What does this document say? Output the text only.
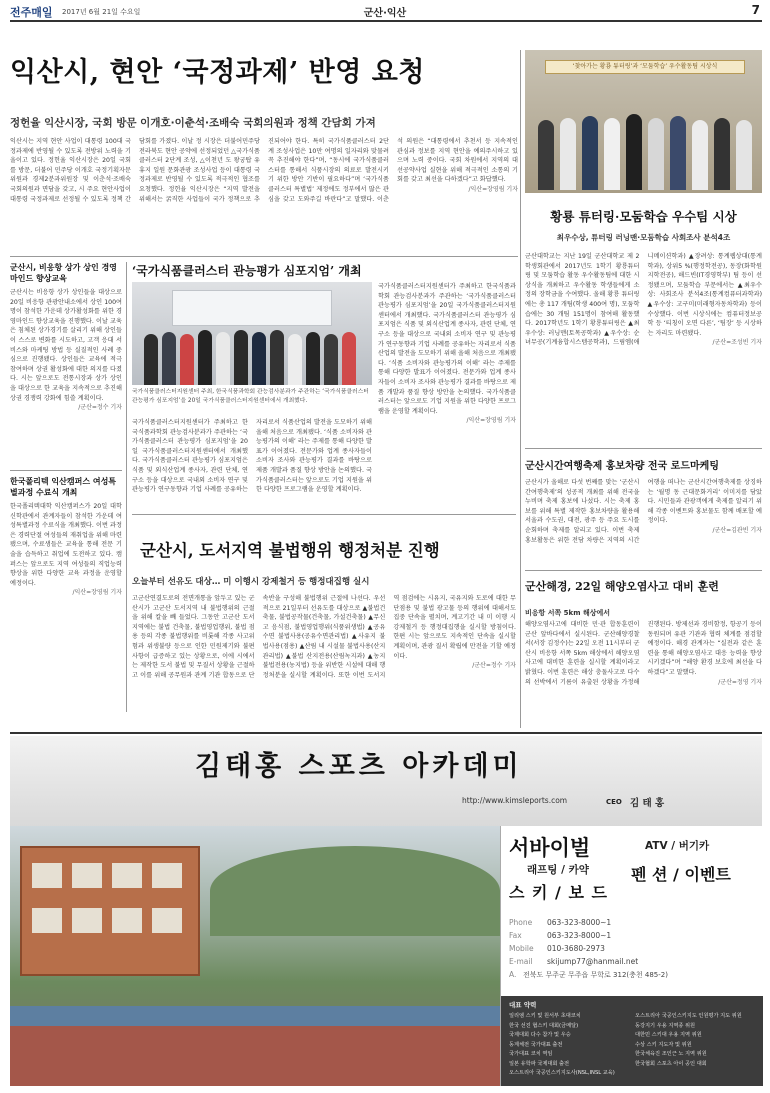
전주매일 2017년 6월 21일 수요일	군산·익산	7
익산시, 현안 ‘국정과제’ 반영 요청
정헌율 익산시장, 국회 방문 이개호·이춘석·조배숙 국회의원과 정책 간담회 가져
익산시는 지역 현안 사업이 대통령 100대 국정과제에 반영될 수 있도록 전방위 노력을 기울이고 있다. 정헌율 익산시장은 20일 국회를 방문, 더불어 민주당 이개호 국정기획자문위원과 경제2분과위원장 및 이춘석·조배숙 국회의원과 면담을 갖고, 시 주요 현안사업이 대통령 국정과제로 선정될 수 있도록 정책 간담회를 가졌다. 이날 정 시장은 더불어민주당 전라북도 현안 공약에 선정되었던 △국가식품클러스터 2단계 조성, △이천년 도 왕궁탑 유휴지 일원 문화관광 조성사업 등이 대통령 국정과제로 반영될 수 있도록 적극적인 협조를 요청했다. 정헌율 익산시장은 “지역 발전을 위해서는 굵직한 사업들이 국가 정책으로 추진되어야 한다. 특히 국가식품클러스터 2단계 조성사업은 10만 여명의 일자리와 맞물려 꼭 추진해야 한다”며, “동시에 국가식품클러스터를 통해서 식품시장의 의료로 발전시키기 위한 방안 기반이 필요하다”며 ‘국가식품클러스터 특별법’ 제정에도 정부에서 많은 관심을 갖고 도와주길 바란다”고 말했다. 이춘석 의원은 “대통령에서 추천서 등 지속적인 관심과 정보를 지역 현안을 예의주시하고 있으며 노력 중이다. 국회 차원에서 지역의 대선공약사업 실현을 위해 적극적인 소통의 기회를 갖고 최선을 다하겠다”고 화답했다.
/익산=장영림 기자
‘찾아가는 황룡 튜터링’과 ‘모둠학습’ 우수활동팀 시상식
황룡 튜터링·모둠학습 우수팀 시상
최우수상, 튜터링 러닝맨·모둠학습 사회조사 분석4조
군산대학교는 지난 19일 군산대학교 제 2 학생회관에서 2017년도 1학기 황룡튜터링 및 모둠학습 활동 우수활동팀에 대한 시상식을 개최하고 우수활동 학생들에게 소정의 장학금을 수여했다. 올해 황룡 튜터링에는 총 117 개팀(학생 400여 명), 모둠학습에는 30 개팀 151명이 참여해 활동했다. 2017학년도 1학기 황룡튜터링은 ▲최우수상: 러닝맨(토목공학과) ▲우수상: 순녀무공(기계융합시스템공학과), 드림엠(애니메이션학과) ▲장려상: 통계웹상대(통계학과), 상위5 %(행정학전공), 동장(화학원지학전공), 해드빈(IT경영학부) 팀 등이 선정됐으며, 모둠학습 부문에서는 ▲최우수상: 사회조사 분석4조(통계컴퓨터과학과) ▲우수상: 고구미(미래형자동차학과) 등이 수상했다. 이번 시상식에는 컴퓨터정보공학 등 ‘티칭이 오면 다른’, ‘팀장’ 등 시상하는 자리도 마련됐다.
/군산=조성빈 기자
군산시, 비응항 상가 상인 경영마인드 향상교육
군산시는 비응항 상가 상인들을 대상으로 20일 비응항 관광안내소에서 상인 100여명이 참석한 가운데 상가활성화를 위한 경영마인드 향상교육을 진행했다. 이날 교육은 침체된 상가경기를 살리기 위해 상인들이 스스로 변화를 시도하고, 고객 응대 서비스와 마케팅 방법 등 실질적인 사례 중심으로 진행됐다. 상인들은 교육에 적극 참여하며 상권 활성화에 대한 의지를 다졌다. 시는 앞으로도 전통시장과 상가 상인을 대상으로 한 교육을 지속적으로 추진해 상권 경쟁력 강화에 힘쓸 계획이다.
/군산=정수 기자
한국폴리텍 익산캠퍼스 여성특별과정 수료식 개최
한국폴리텍대학 익산캠퍼스가 20일 대학 신학관에서 관계자들이 참석한 가운데 여성특별과정 수료식을 개최했다. 이번 과정은 경력단절 여성들의 재취업을 위해 마련됐으며, 수료생들은 교육을 통해 전문 기술을 습득하고 취업에 도전하고 있다. 캠퍼스는 앞으로도 지역 여성들의 직업능력 향상을 위한 다양한 교육 과정을 운영할 예정이다.
/익산=장영림 기자
‘국가식품클러스터 관능평가 심포지엄’ 개최
국가식품클러스터지원센터 주최, 한국식품과학회 관능검사분과가 주관하는 ‘국가식품클러스터 관능평가 심포지엄’을 20일 국가식품클러스터지원센터에서 개최했다.
국가식품클러스터지원센터가 주최하고 한국식품과학회 관능검사분과가 주관하는 ‘국가식품클러스터 관능평가 심포지엄’을 20일 국가식품클러스터지원센터에서 개최했다. 국가식품클러스터 관능평가 심포지엄은 식품 및 외식산업계 종사자, 관련 단체, 연구소 등을 대상으로 국내외 소비자 연구 및 관능평가 연구동향과 기업 사례를 공유하는 자리로서 식품산업의 발전을 도모하기 위해 올해 처음으로 개최됐다. ‘식품 소비자와 관능평가의 이해’ 라는 주제를 통해 다양한 발표가 이어졌다. 전문가와 업계 종사자들이 소비자 조사와 관능평가 결과를 바탕으로 제품 개발과 품질 향상 방안을 논의했다. 국가식품클러스터는 앞으로도 기업 지원을 위한 다양한 프로그램을 운영할 계획이다.
국가식품클러스터지원센터가 주최하고 한국식품과학회 관능검사분과가 주관하는 ‘국가식품클러스터 관능평가 심포지엄’을 20일 국가식품클러스터지원센터에서 개최했다. 국가식품클러스터 관능평가 심포지엄은 식품 및 외식산업계 종사자, 관련 단체, 연구소 등을 대상으로 국내외 소비자 연구 및 관능평가 연구동향과 기업 사례를 공유하는 자리로서 식품산업의 발전을 도모하기 위해 올해 처음으로 개최됐다. ‘식품 소비자와 관능평가의 이해’ 라는 주제를 통해 다양한 발표가 이어졌다. 전문가와 업계 종사자들이 소비자 조사와 관능평가 결과를 바탕으로 제품 개발과 품질 향상 방안을 논의했다. 국가식품클러스터는 앞으로도 기업 지원을 위한 다양한 프로그램을 운영할 계획이다.
/익산=장영림 기자
군산시, 도서지역 불법행위 행정처분 진행
오늘부터 선유도 대상… 미 이행시 강제철거 등 행정대집행 실시
고군산연결도로의 전면개통을 앞두고 있는 군산시가 고군산 도서지역 내 불법행위의 근절을 위해 칼을 빼 들었다. 그동안 고군산 도서지역에는 불법 건축물, 불법영업행위, 불법 점용 등의 각종 불법행위를 비롯해 각종 사고위험과 위생불량 등으로 인한 민원제기와 불편사항이 급증하고 있는 상황으로, 이에 시에서는 제작한 도서 불법 및 무질서 상황을 근절하고 이를 위해 공무원과 관계 기관 합동으로 단속반을 구성해 불법행위 근절에 나선다. 우선적으로 21일부터 선유도를 대상으로 ▲불법건축물, 불법공작물(건축물, 가설건축물) ▲무신고 음식점, 불법영업행위(식품위생법) ▲공유수면 불법사용(공유수면관리법) ▲사유지 불법사용(점용) ▲산림 내 시설물 불법사용(산지관리법) ▲불법 산지전용(산림녹지과) ▲농지 불법전용(농지법) 등을 위반한 시설에 대해 행정처분을 실시할 계획이다. 또한 이번 도서지역 점검에는 시유지, 국유지와 도로에 대한 무단점용 및 불법 광고물 등의 행위에 대해서도 집중 단속을 펼치며, 계고기간 내 미 이행 시 강제철거 등 행정대집행을 실시할 방침이다. 한편 시는 앞으로도 지속적인 단속을 실시할 계획이며, 관광 질서 확립에 만전을 기할 예정이다.
/군산=정수 기자
군산시간여행축제 홍보차량 전국 로드마케팅
군산시가 올해로 다섯 번째를 맞는 ‘군산시간여행축제’의 성공적 개최를 위해 전국을 누비며 축제 홍보에 나섰다. 시는 축제 홍보를 위해 특별 제작한 홍보차량을 활용해 서울과 수도권, 대전, 광주 등 주요 도시를 순회하며 축제를 알리고 있다. 이번 축제 홍보활동은 위한 전담 차량은 지역의 시간여행을 떠나는 군산시간여행축제를 상징하는 ‘월명 동 근대문화거리’ 이미지를 담았다. 시민들과 관광객에게 축제를 알리기 위해 각종 이벤트와 홍보물도 함께 배포할 예정이다.
/군산=김관빈 기자
군산해경, 22일 해양오염사고 대비 훈련
비응항 서쪽 5km 해상에서
해양오염사고에 대비한 민·관 합동훈련이 군산 앞바다에서 실시된다. 군산해양경찰서(서장 김정수)는 22일 오전 11시부터 군산시 비응항 서쪽 5km 해상에서 해양오염사고에 대비한 훈련을 실시할 계획이라고 밝혔다. 이번 훈련은 해상 충돌사고로 다수의 선박에서 기름이 유출된 상황을 가정해 진행된다. 방제선과 경비함정, 항공기 등이 동원되며 유관 기관과 협력 체계를 점검할 예정이다. 해경 관계자는 “실전과 같은 훈련을 통해 해양오염사고 대응 능력을 향상시키겠다”며 “해양 환경 보호에 최선을 다하겠다”고 말했다.
/군산=정영 기자
김태홍 스포츠 아카데미
http://www.kimsleports.com	CEO 김 태 홍
서바이벌
래프팅 / 카약
ATV / 버기카
스 키 / 보 드
펜 션 / 이벤트
Phone 063-323-8000~1
Fax	063-323-8000~1
Mobile 010-3680-2973
E-mail skijump77@hanmail.net
A. 전북도 무주군 무주읍 무학로 312(충천 485-2)
대표 약력
일리엠 스키 및 원서부 초대코치
한국 선진 협스키 대회(금메달)
국제대회 다수 참가 및 우승
동계체전 국가대표 출전
국가대표 코치 역임
일본 유학파 국제대회 출전
오스트리아 국공인스키지도사(NSL,INSL 교육)
오스트리아 국공인스키지도 인원평가 지도 위원
동강지기 우용 지역종 위원
대한민 스키대 우용 지역 위원
수상 스키 지도자 및 위원
한국체육진 조인근 노 지역 위원
한국협회 스포츠 아이 공인 대회
